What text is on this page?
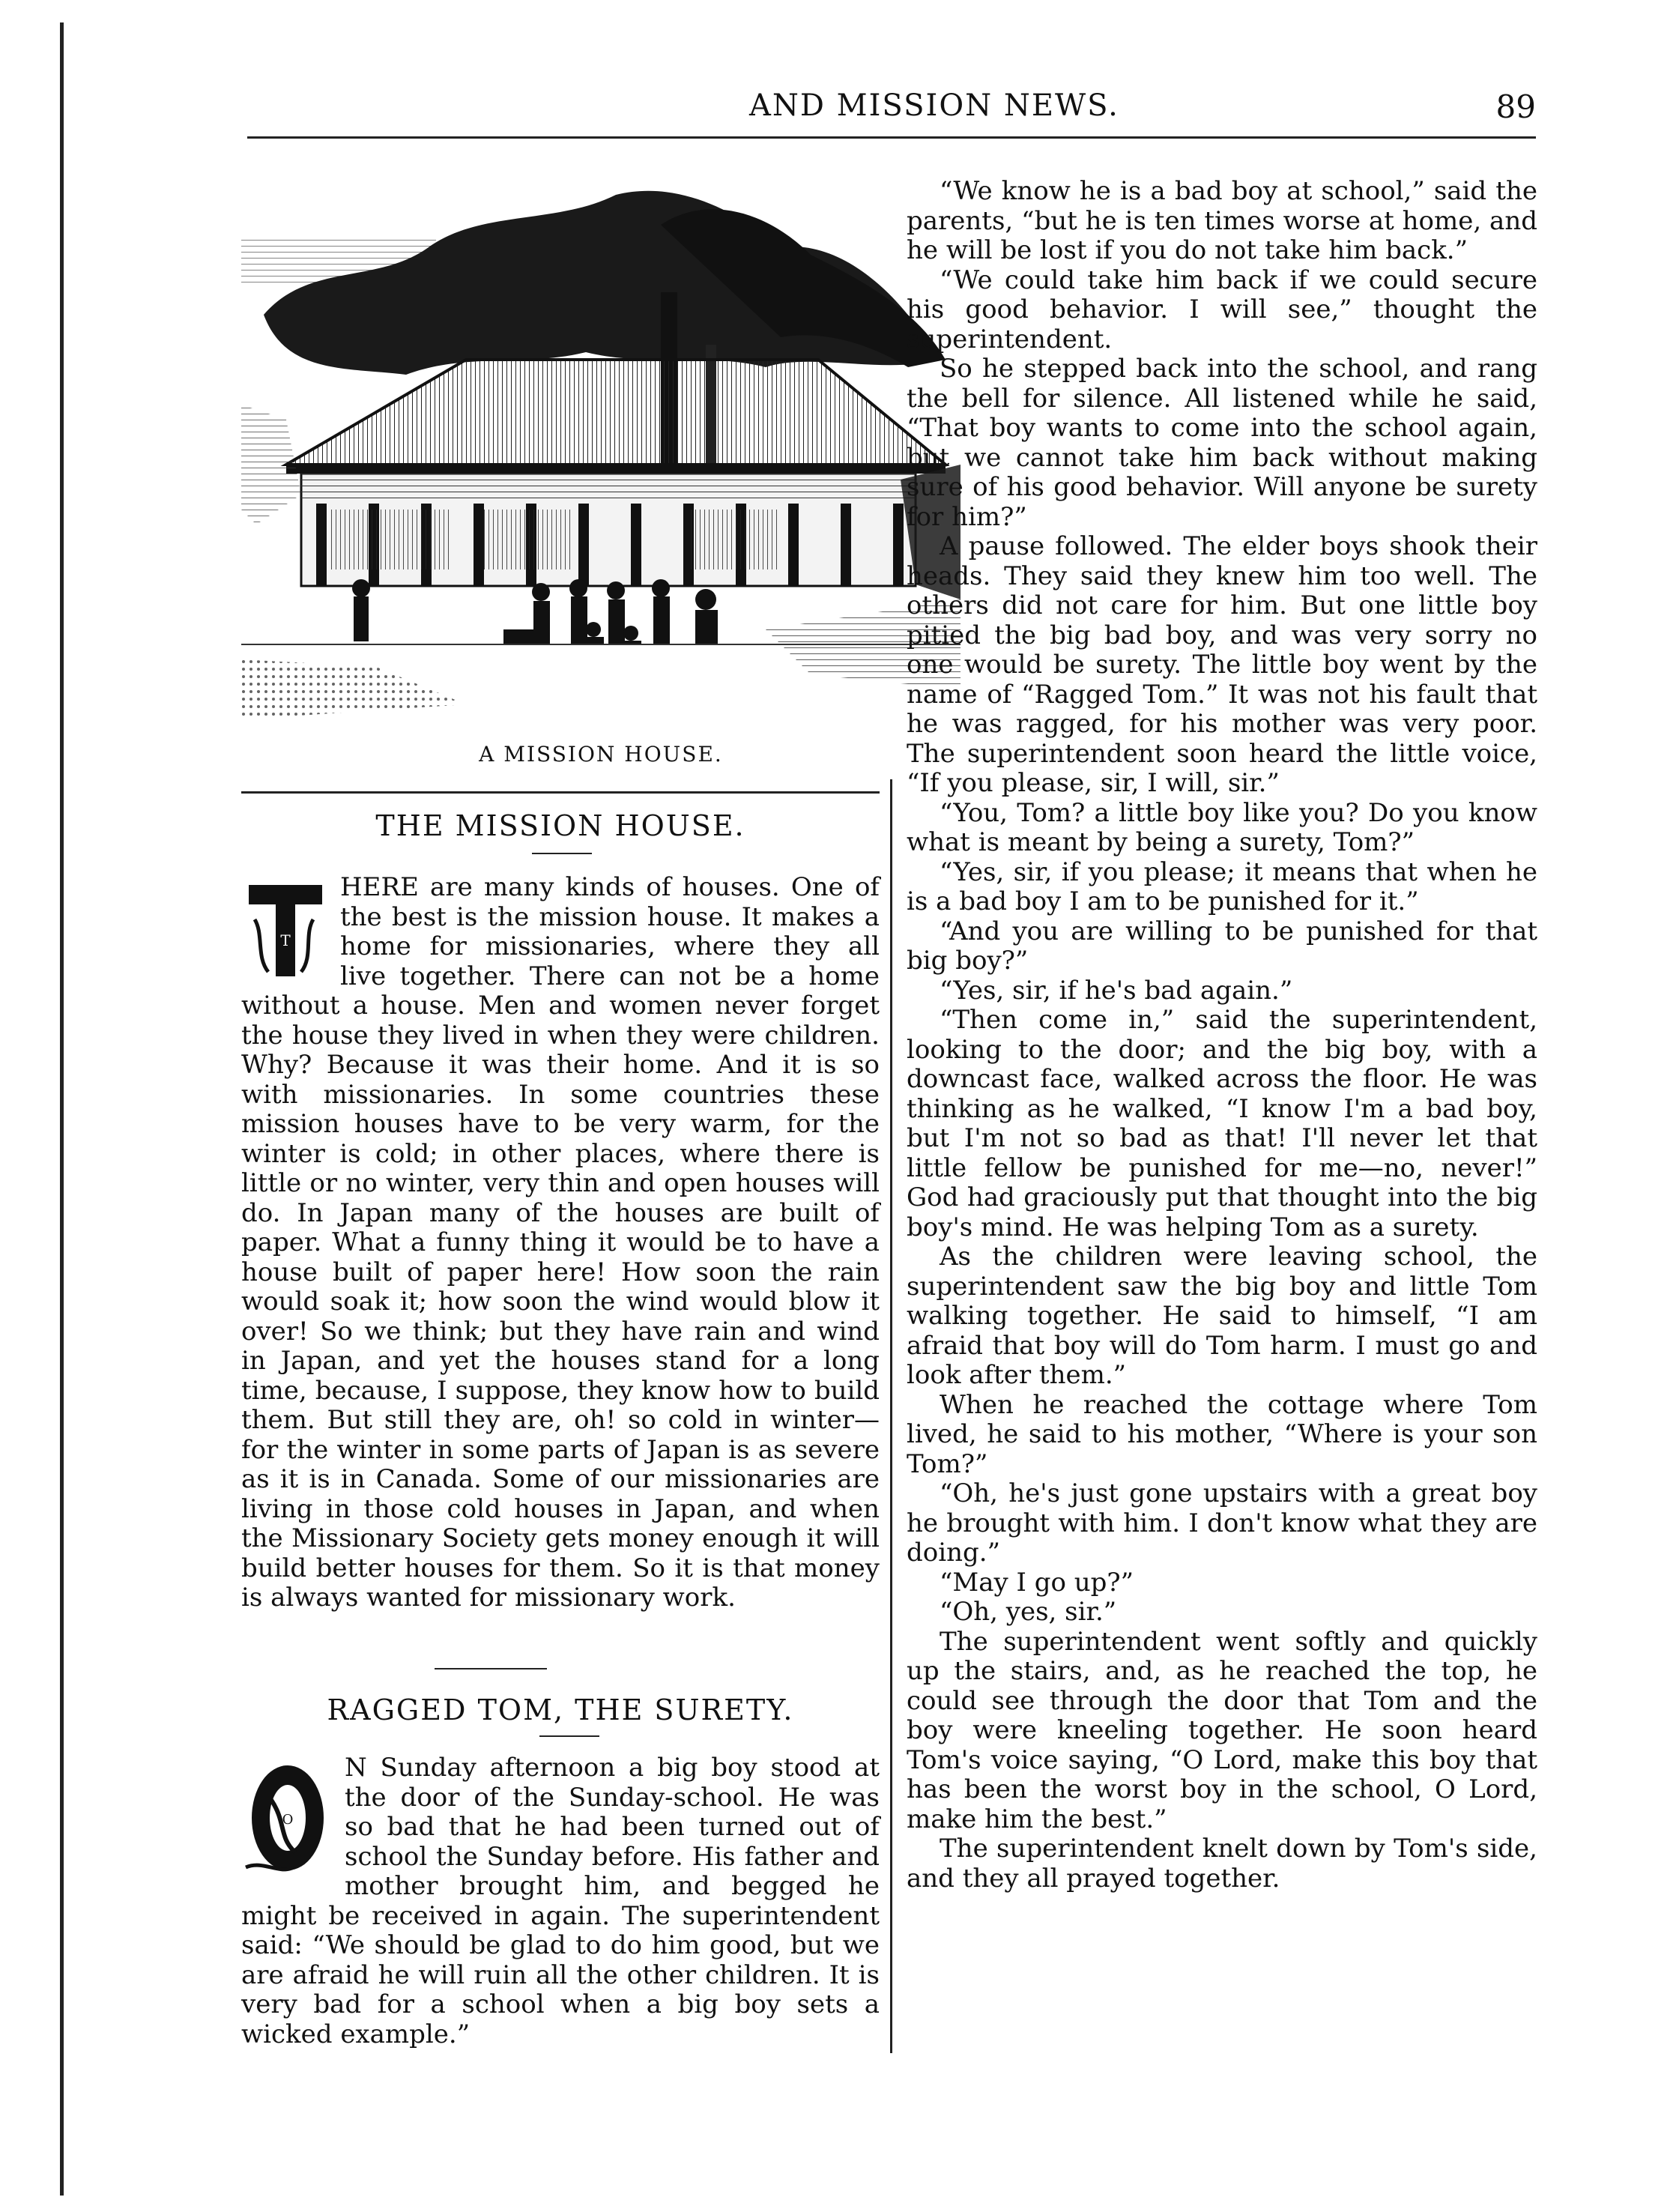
AND MISSION NEWS.	89
A MISSION HOUSE.
THE MISSION HOUSE.

T
HERE are many kinds of houses. One of the best is the mission house. It makes a home for missionaries, where they all live together. There can not be a home without a house. Men and women never forget the house they lived in when they were children. Why? Because it was their home. And it is so with missionaries. In some countries these mission houses have to be very warm, for the winter is cold; in other places, where there is little or no winter, very thin and open houses will do. In Japan many of the houses are built of paper. What a funny thing it would be to have a house built of paper here! How soon the rain would soak it; how soon the wind would blow it over! So we think; but they have rain and wind in Japan, and yet the houses stand for a long time, because, I suppose, they know how to build them. But still they are, oh! so cold in winter—for the winter in some parts of Japan is as severe as it is in Canada. Some of our missionaries are living in those cold houses in Japan, and when the Missionary Society gets money enough it will build better houses for them. So it is that money is always wanted for missionary work.

RAGGED TOM, THE SURETY.

O
N Sunday afternoon a big boy stood at the door of the Sunday-school. He was so bad that he had been turned out of school the Sunday before. His father and mother brought him, and begged he might be received in again. The superintendent said: “We should be glad to do him good, but we are afraid he will ruin all the other children. It is very bad for a school when a big boy sets a wicked example.”

“We know he is a bad boy at school,” said the parents, “but he is ten times worse at home, and he will be lost if you do not take him back.”

“We could take him back if we could secure his good behavior. I will see,” thought the superintendent.

So he stepped back into the school, and rang the bell for silence. All listened while he said, “That boy wants to come into the school again, but we cannot take him back without making sure of his good behavior. Will anyone be surety for him?”

A pause followed. The elder boys shook their heads. They said they knew him too well. The others did not care for him. But one little boy pitied the big bad boy, and was very sorry no one would be surety. The little boy went by the name of “Ragged Tom.” It was not his fault that he was ragged, for his mother was very poor. The superintendent soon heard the little voice, “If you please, sir, I will, sir.”

“You, Tom? a little boy like you? Do you know what is meant by being a surety, Tom?”

“Yes, sir, if you please; it means that when he is a bad boy I am to be punished for it.”

“And you are willing to be punished for that big boy?”

“Yes, sir, if he's bad again.”

“Then come in,” said the superintendent, looking to the door; and the big boy, with a downcast face, walked across the floor. He was thinking as he walked, “I know I'm a bad boy, but I'm not so bad as that! I'll never let that little fellow be punished for me—no, never!” God had graciously put that thought into the big boy's mind. He was helping Tom as a surety.

As the children were leaving school, the superintendent saw the big boy and little Tom walking together. He said to himself, “I am afraid that boy will do Tom harm. I must go and look after them.”

When he reached the cottage where Tom lived, he said to his mother, “Where is your son Tom?”

“Oh, he's just gone upstairs with a great boy he brought with him. I don't know what they are doing.”

“May I go up?”

“Oh, yes, sir.”

The superintendent went softly and quickly up the stairs, and, as he reached the top, he could see through the door that Tom and the boy were kneeling together. He soon heard Tom's voice saying, “O Lord, make this boy that has been the worst boy in the school, O Lord, make him the best.”

The superintendent knelt down by Tom's side, and they all prayed together.
